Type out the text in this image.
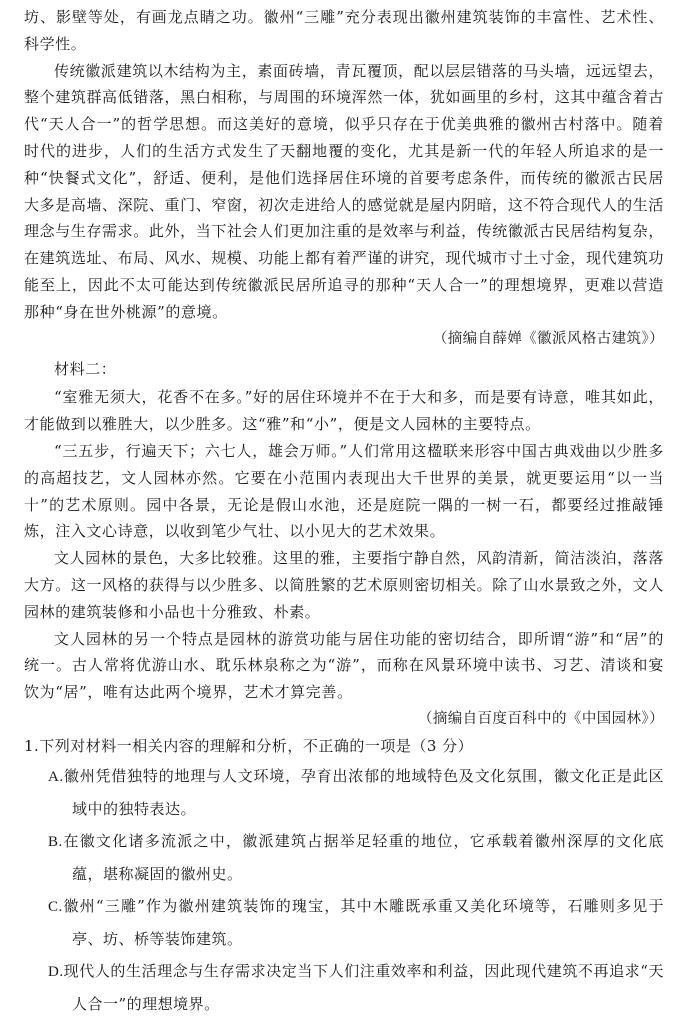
坊、影壁等处，有画龙点睛之功。徽州“三雕”充分表现出徽州建筑装饰的丰富性、艺术性、科学性。

传统徽派建筑以木结构为主，素面砖墙，青瓦覆顶，配以层层错落的马头墙，远远望去，整个建筑群高低错落，黑白相称，与周围的环境浑然一体，犹如画里的乡村，这其中蕴含着古代“天人合一”的哲学思想。而这美好的意境，似乎只存在于优美典雅的徽州古村落中。随着时代的进步，人们的生活方式发生了天翻地覆的变化，尤其是新一代的年轻人所追求的是一种“快餐式文化”，舒适、便利，是他们选择居住环境的首要考虑条件，而传统的徽派古民居大多是高墙、深院、重门、窄窗，初次走进给人的感觉就是屋内阴暗，这不符合现代人的生活理念与生存需求。此外，当下社会人们更加注重的是效率与利益，传统徽派古民居结构复杂，在建筑选址、布局、风水、规模、功能上都有着严谨的讲究，现代城市寸土寸金，现代建筑功能至上，因此不太可能达到传统徽派民居所追寻的那种“天人合一”的理想境界，更难以营造那种“身在世外桃源”的意境。

（摘编自薛婵《徽派风格古建筑》）

材料二：

“室雅无须大，花香不在多。”好的居住环境并不在于大和多，而是要有诗意，唯其如此，才能做到以雅胜大，以少胜多。这“雅”和“小”，便是文人园林的主要特点。

“三五步，行遍天下；六七人，雄会万师。”人们常用这楹联来形容中国古典戏曲以少胜多的高超技艺，文人园林亦然。它要在小范围内表现出大千世界的美景，就更要运用“以一当十”的艺术原则。园中各景，无论是假山水池，还是庭院一隅的一树一石，都要经过推敲锤炼，注入文心诗意，以收到笔少气壮、以小见大的艺术效果。

文人园林的景色，大多比较雅。这里的雅，主要指宁静自然，风韵清新，简洁淡泊，落落大方。这一风格的获得与以少胜多、以简胜繁的艺术原则密切相关。除了山水景致之外，文人园林的建筑装修和小品也十分雅致、朴素。

文人园林的另一个特点是园林的游赏功能与居住功能的密切结合，即所谓“游”和“居”的统一。古人常将优游山水、耽乐林泉称之为“游”，而称在风景环境中读书、习艺、清谈和宴饮为“居”，唯有达此两个境界，艺术才算完善。

（摘编自百度百科中的《中国园林》）

1.下列对材料一相关内容的理解和分析，不正确的一项是（3 分）

A.徽州凭借独特的地理与人文环境，孕育出浓郁的地域特色及文化氛围，徽文化正是此区域中的独特表达。

B.在徽文化诸多流派之中，徽派建筑占据举足轻重的地位，它承载着徽州深厚的文化底蕴，堪称凝固的徽州史。

C.徽州“三雕”作为徽州建筑装饰的瑰宝，其中木雕既承重又美化环境等，石雕则多见于亭、坊、桥等装饰建筑。

D.现代人的生活理念与生存需求决定当下人们注重效率和利益，因此现代建筑不再追求“天人合一”的理想境界。
